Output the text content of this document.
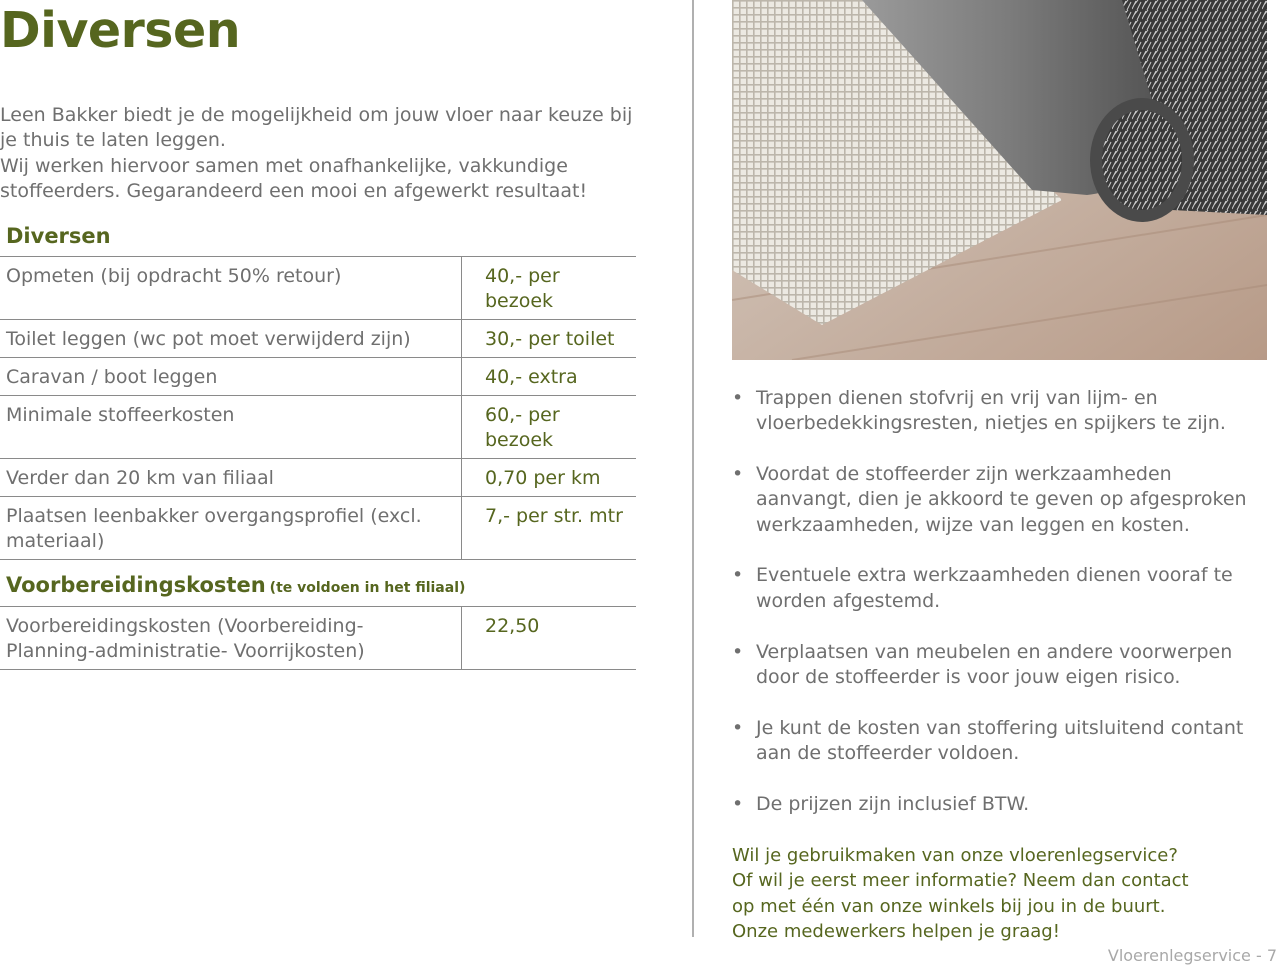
Diversen

Leen Bakker biedt je de mogelijkheid om jouw vloer naar keuze bij je thuis te laten leggen.

Wij werken hiervoor samen met onafhankelijke, vakkundige stoffeerders. Gegarandeerd een mooi en afgewerkt resultaat!

Diversen
Opmeten (bij opdracht 50% retour)	40,- per bezoek
Toilet leggen (wc pot moet verwijderd zijn)	30,- per toilet
Caravan / boot leggen	40,- extra
Minimale stoffeerkosten	60,- per bezoek
Verder dan 20 km van filiaal	0,70 per km
Plaatsen leenbakker overgangsprofiel (excl. materiaal)	7,- per str. mtr
Voorbereidingskosten (te voldoen in het filiaal)
Voorbereidingskosten (Voorbereiding- Planning-administratie- Voorrijkosten)	22,50
• Trappen dienen stofvrij en vrij van lijm- en vloerbedekkingsresten, nietjes en spijkers te zijn.
• Voordat de stoffeerder zijn werkzaamheden aanvangt, dien je akkoord te geven op afgesproken werkzaamheden, wijze van leggen en kosten.
• Eventuele extra werkzaamheden dienen vooraf te worden afgestemd.
• Verplaatsen van meubelen en andere voorwerpen door de stoffeerder is voor jouw eigen risico.
• Je kunt de kosten van stoffering uitsluitend contant aan de stoffeerder voldoen.
• De prijzen zijn inclusief BTW.

Wil je gebruikmaken van onze vloerenlegservice?

Of wil je eerst meer informatie? Neem dan contact

op met één van onze winkels bij jou in de buurt.

Onze medewerkers helpen je graag!

Vloerenlegservice - 7
